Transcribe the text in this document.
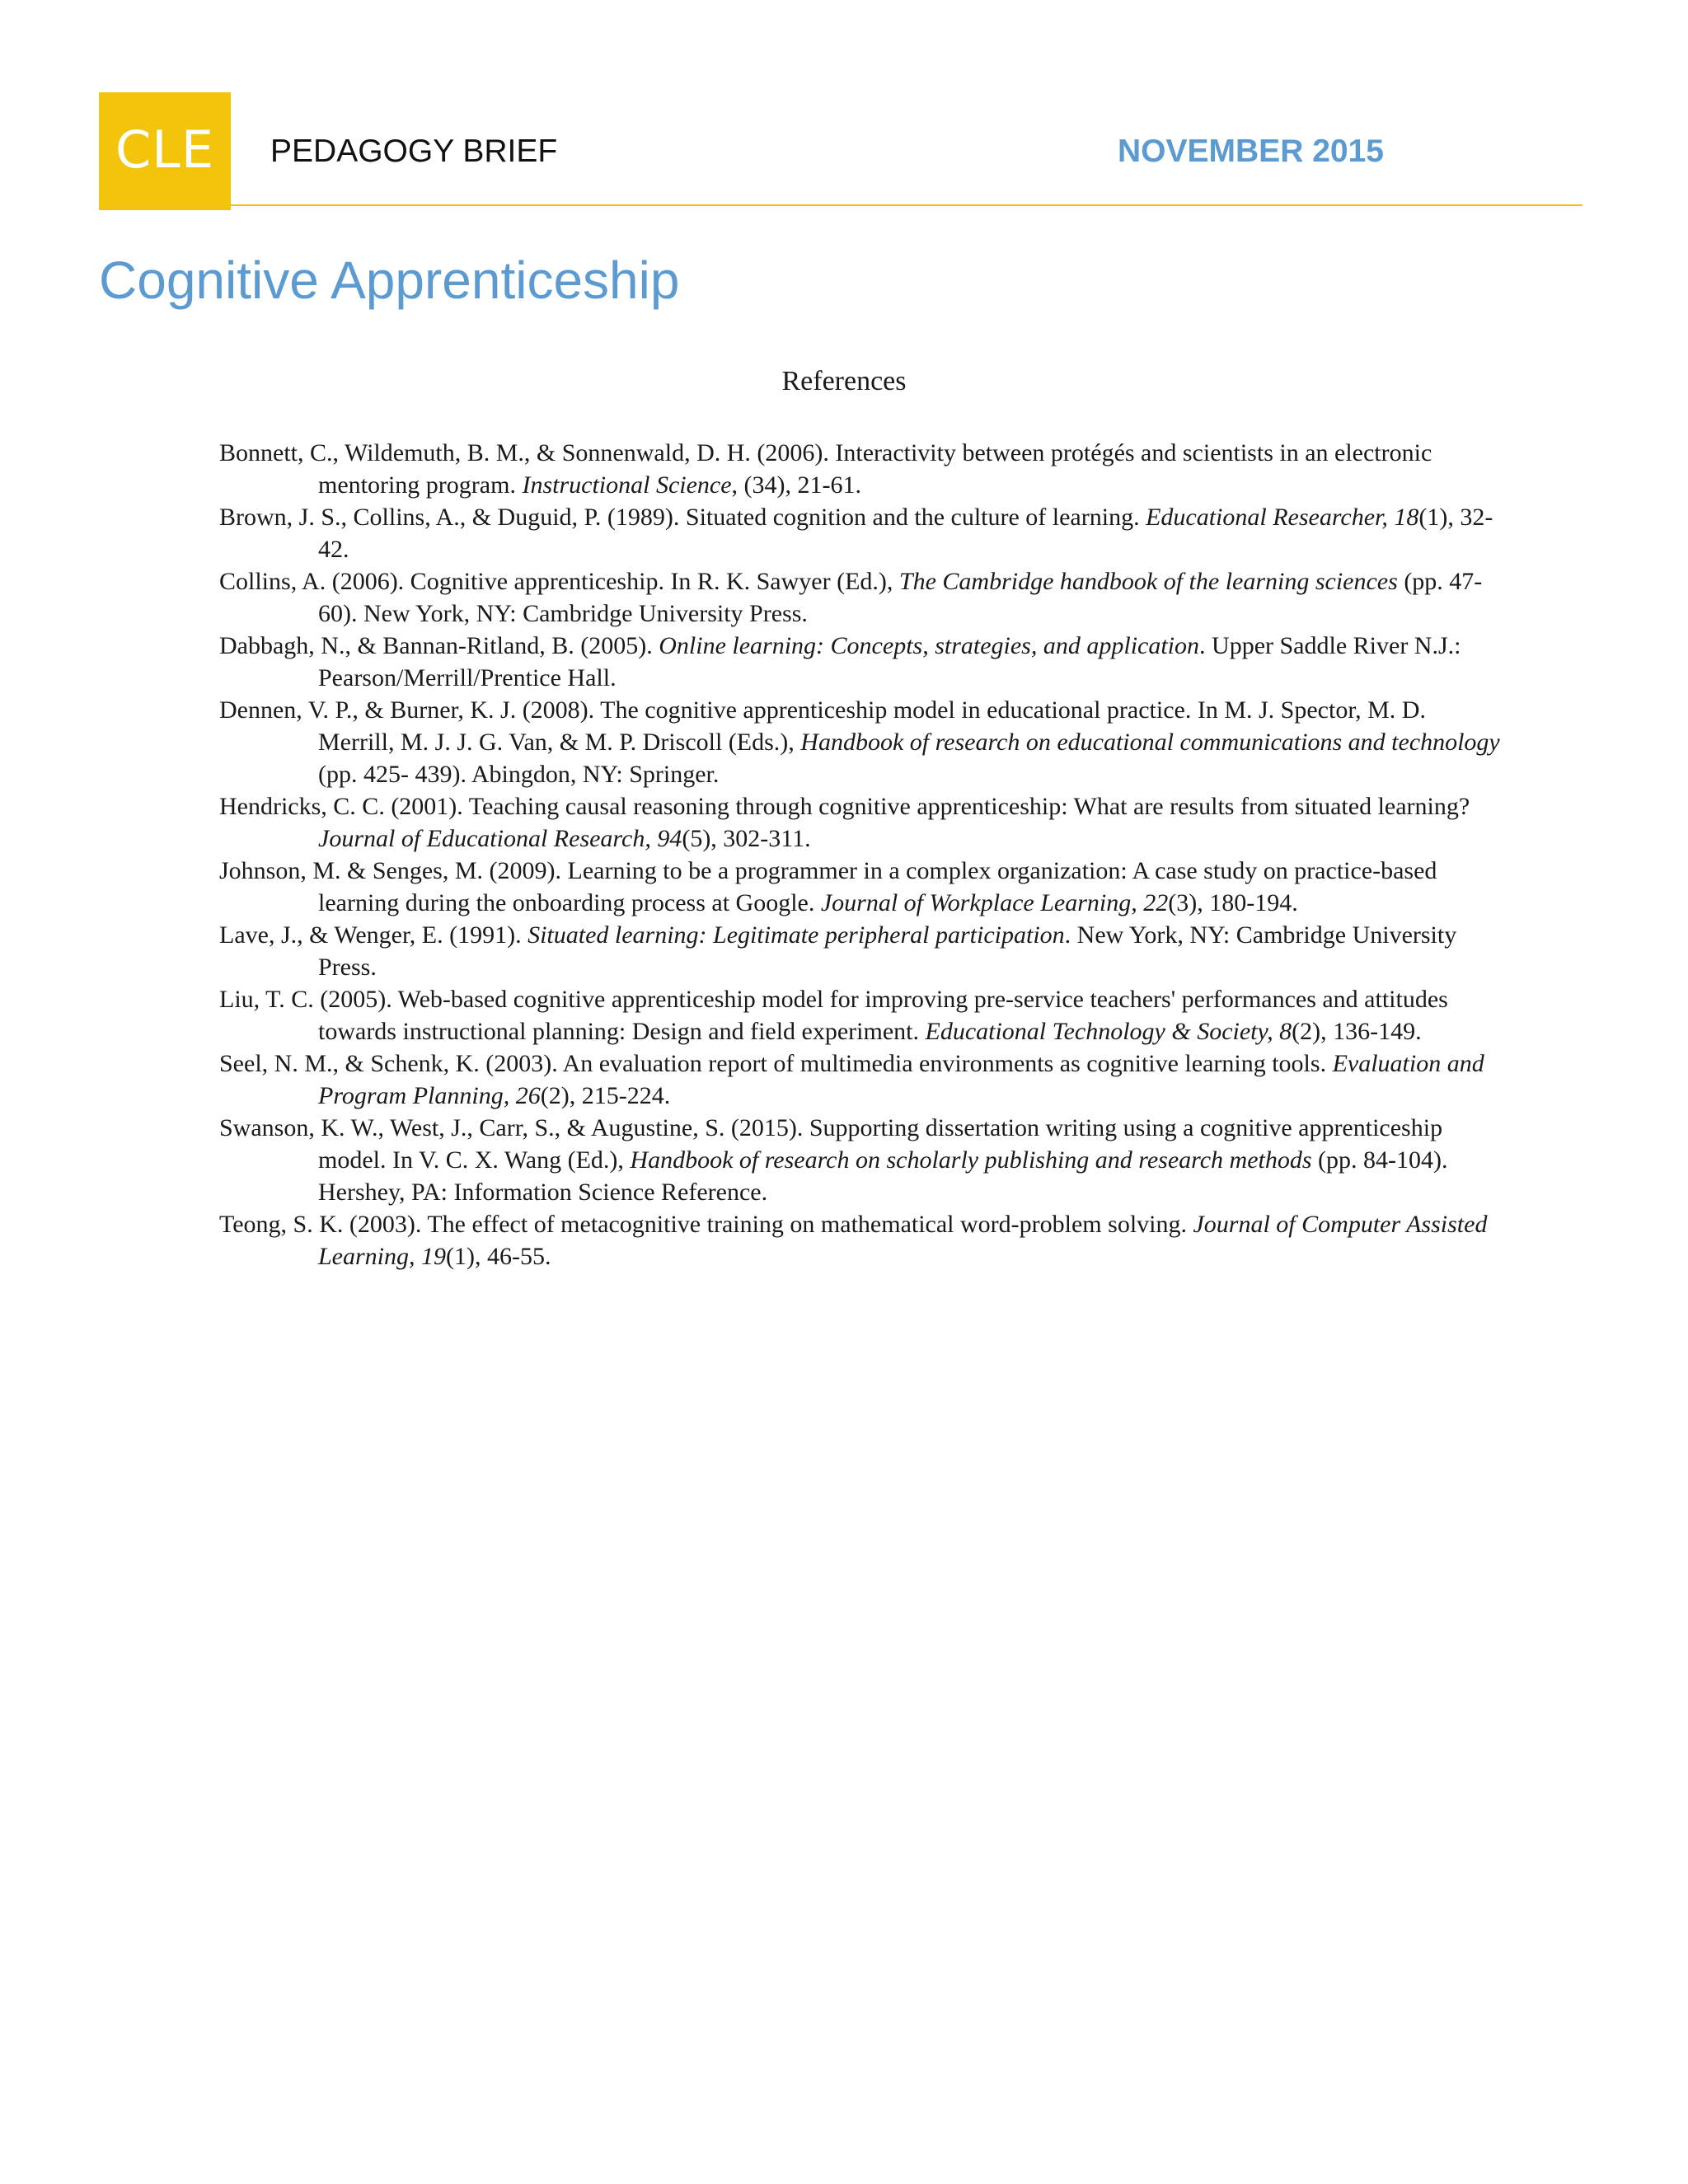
CLE PEDAGOGY BRIEF	NOVEMBER 2015
Cognitive Apprenticeship
References
Bonnett, C., Wildemuth, B. M., & Sonnenwald, D. H. (2006). Interactivity between protégés and scientists in an electronic mentoring program. Instructional Science, (34), 21-61.
Brown, J. S., Collins, A., & Duguid, P. (1989). Situated cognition and the culture of learning. Educational Researcher, 18(1), 32- 42.
Collins, A. (2006). Cognitive apprenticeship. In R. K. Sawyer (Ed.), The Cambridge handbook of the learning sciences (pp. 47- 60). New York, NY: Cambridge University Press.
Dabbagh, N., & Bannan-Ritland, B. (2005). Online learning: Concepts, strategies, and application. Upper Saddle River N.J.: Pearson/Merrill/Prentice Hall.
Dennen, V. P., & Burner, K. J. (2008). The cognitive apprenticeship model in educational practice. In M. J. Spector, M. D. Merrill, M. J. J. G. Van, & M. P. Driscoll (Eds.), Handbook of research on educational communications and technology (pp. 425- 439). Abingdon, NY: Springer.
Hendricks, C. C. (2001). Teaching causal reasoning through cognitive apprenticeship: What are results from situated learning? Journal of Educational Research, 94(5), 302-311.
Johnson, M. & Senges, M. (2009). Learning to be a programmer in a complex organization: A case study on practice-based learning during the onboarding process at Google. Journal of Workplace Learning, 22(3), 180-194.
Lave, J., & Wenger, E. (1991). Situated learning: Legitimate peripheral participation. New York, NY: Cambridge University Press.
Liu, T. C. (2005). Web-based cognitive apprenticeship model for improving pre-service teachers' performances and attitudes towards instructional planning: Design and field experiment. Educational Technology & Society, 8(2), 136-149.
Seel, N. M., & Schenk, K. (2003). An evaluation report of multimedia environments as cognitive learning tools. Evaluation and Program Planning, 26(2), 215-224.
Swanson, K. W., West, J., Carr, S., & Augustine, S. (2015). Supporting dissertation writing using a cognitive apprenticeship model. In V. C. X. Wang (Ed.), Handbook of research on scholarly publishing and research methods (pp. 84-104). Hershey, PA: Information Science Reference.
Teong, S. K. (2003). The effect of metacognitive training on mathematical word-problem solving. Journal of Computer Assisted Learning, 19(1), 46-55.
